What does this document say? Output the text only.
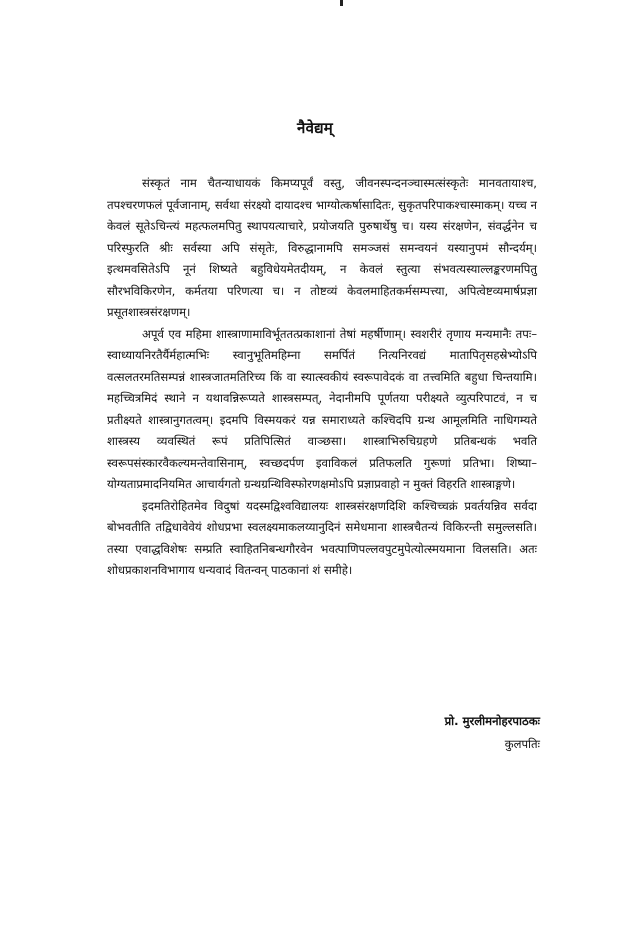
नैवेद्यम्

संस्कृतं नाम चैतन्याधायकं किमप्यपूर्वं वस्तु, जीवनस्पन्दनञ्चास्मत्संस्कृतेः मानवतायाश्च, तपश्चरणफलं पूर्वजानाम्, सर्वथा संरक्ष्यो दायादश्च भाग्योत्कर्षासादितः, सुकृतपरिपाकश्चास्माकम्। यच्च न केवलं सूतेऽचिन्त्यं महत्फलमपितु स्थापयत्याचारे, प्रयोजयति पुरुषार्थेषु च। यस्य संरक्षणेन, संवर्द्धनेन च परिस्फुरति श्रीः सर्वस्या अपि संसृतेः, विरुद्धानामपि समञ्जसं समन्वयनं यस्यानुपमं सौन्दर्यम्। इत्थमवसितेऽपि नूनं शिष्यते बहुविधेयमेतदीयम्, न केवलं स्तुत्या संभवत्यस्याल्लङ्करणमपितु सौरभविकिरणेन, कर्मतया परिणत्या च। न तोष्टव्यं केवलमाहितकर्मसम्पत्त्या, अपित्वेष्टव्यमार्षप्रज्ञा प्रसूतशास्त्रसंरक्षणम्।

अपूर्व एव महिमा शास्त्राणामाविर्भूततत्प्रकाशानां तेषां महर्षीणाम्। स्वशरीरं तृणाय मन्यमानैः तपः–स्वाध्यायनिरतैर्यैर्महात्मभिः स्वानुभूतिमहिम्ना समर्पितं नित्यनिरवद्यं मातापितृसहस्रेभ्योऽपि वत्सलतरमतिसम्पन्नं शास्त्रजातमतिरिच्य किं वा स्यात्स्वकीयं स्वरूपावेदकं वा तत्त्वमिति बहुधा चिन्तयामि। महच्चित्रमिदं स्थाने न यथावन्निरूप्यते शास्त्रसम्पत्, नेदानीमपि पूर्णतया परीक्ष्यते व्युत्परिपाटवं, न च प्रतीक्ष्यते शास्त्रानुगतत्वम्। इदमपि विस्मयकरं यन्न समाराध्यते कश्चिदपि ग्रन्थ आमूलमिति नाधिगम्यते शास्त्रस्य व्यवस्थितं रूपं प्रतिपित्सितं वाञ्छसा। शास्त्राभिरुचिग्रहणे प्रतिबन्धकं भवति स्वरूपसंस्कारवैकल्यमन्तेवासिनाम्, स्वच्छदर्पण इवाविकलं प्रतिफलति गुरूणां प्रतिभा। शिष्या– योग्यताप्रमादनियमित आचार्यगतो ग्रन्थग्रन्थिविस्फोरणक्षमोऽपि प्रज्ञाप्रवाहो न मुक्तं विहरति शास्त्राङ्गणे।

इदमतिरोहितमेव विदुषां यदस्मद्विश्वविद्यालयः शास्त्रसंरक्षणदिशि कश्चिच्चक्रं प्रवर्तयन्निव सर्वदा बोभवतीति तद्विधावेवेयं शोधप्रभा स्वलक्ष्यमाकलय्यानुदिनं समेधमाना शास्त्रचैतन्यं विकिरन्ती समुल्लसति। तस्या एवाद्धविशेषः सम्प्रति स्वाहितनिबन्धगौरवेन भवत्पाणिपल्लवपुटमुपेत्योत्स्मयमाना विलसति। अतः शोधप्रकाशनविभागाय धन्यवादं वितन्वन् पाठकानां शं समीहे।

प्रो. मुरलीमनोहरपाठकः
कुलपतिः
